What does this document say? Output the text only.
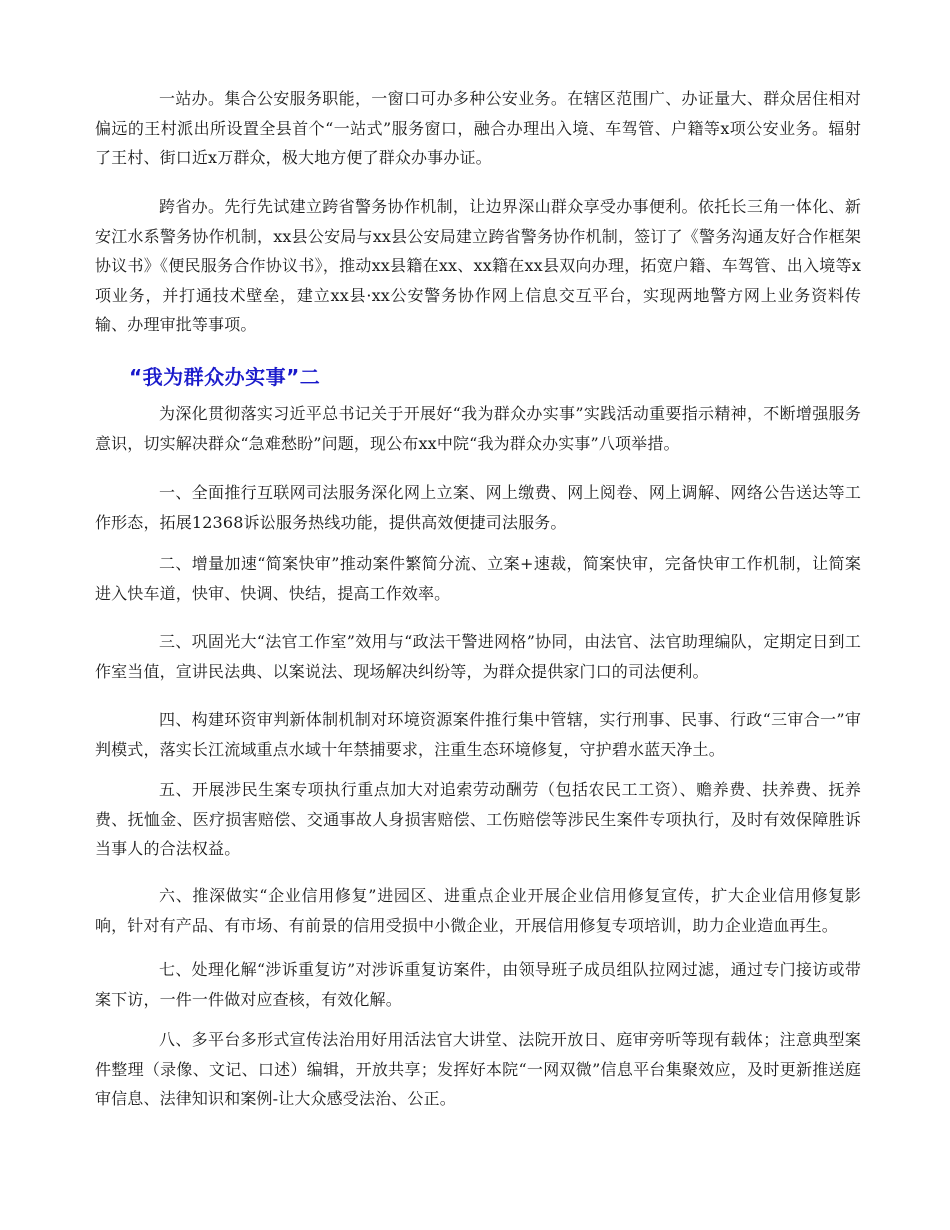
一站办。集合公安服务职能，一窗口可办多种公安业务。在辖区范围广、办证量大、群众居住相对偏远的王村派出所设置全县首个“一站式”服务窗口，融合办理出入境、车驾管、户籍等x项公安业务。辐射了王村、街口近x万群众，极大地方便了群众办事办证。

跨省办。先行先试建立跨省警务协作机制，让边界深山群众享受办事便利。依托长三角一体化、新安江水系警务协作机制，xx县公安局与xx县公安局建立跨省警务协作机制，签订了《警务沟通友好合作框架协议书》《便民服务合作协议书》，推动xx县籍在xx、xx籍在xx县双向办理，拓宽户籍、车驾管、出入境等x项业务，并打通技术壁垒，建立xx县·xx公安警务协作网上信息交互平台，实现两地警方网上业务资料传输、办理审批等事项。

“我为群众办实事”二

为深化贯彻落实习近平总书记关于开展好“我为群众办实事”实践活动重要指示精神，不断增强服务意识，切实解决群众“急难愁盼”问题，现公布xx中院“我为群众办实事”八项举措。

一、全面推行互联网司法服务深化网上立案、网上缴费、网上阅卷、网上调解、网络公告送达等工作形态，拓展12368诉讼服务热线功能，提供高效便捷司法服务。

二、增量加速“简案快审”推动案件繁简分流、立案+速裁，简案快审，完备快审工作机制，让简案进入快车道，快审、快调、快结，提高工作效率。

三、巩固光大“法官工作室”效用与“政法干警进网格”协同，由法官、法官助理编队，定期定日到工作室当值，宣讲民法典、以案说法、现场解决纠纷等，为群众提供家门口的司法便利。

四、构建环资审判新体制机制对环境资源案件推行集中管辖，实行刑事、民事、行政“三审合一”审判模式，落实长江流域重点水域十年禁捕要求，注重生态环境修复，守护碧水蓝天净土。

五、开展涉民生案专项执行重点加大对追索劳动酬劳（包括农民工工资）、赡养费、扶养费、抚养费、抚恤金、医疗损害赔偿、交通事故人身损害赔偿、工伤赔偿等涉民生案件专项执行，及时有效保障胜诉当事人的合法权益。

六、推深做实“企业信用修复”进园区、进重点企业开展企业信用修复宣传，扩大企业信用修复影响，针对有产品、有市场、有前景的信用受损中小微企业，开展信用修复专项培训，助力企业造血再生。

七、处理化解“涉诉重复访”对涉诉重复访案件，由领导班子成员组队拉网过滤，通过专门接访或带案下访，一件一件做对应查核，有效化解。

八、多平台多形式宣传法治用好用活法官大讲堂、法院开放日、庭审旁听等现有载体；注意典型案件整理（录像、文记、口述）编辑，开放共享；发挥好本院“一网双微”信息平台集聚效应，及时更新推送庭审信息、法律知识和案例-让大众感受法治、公正。
